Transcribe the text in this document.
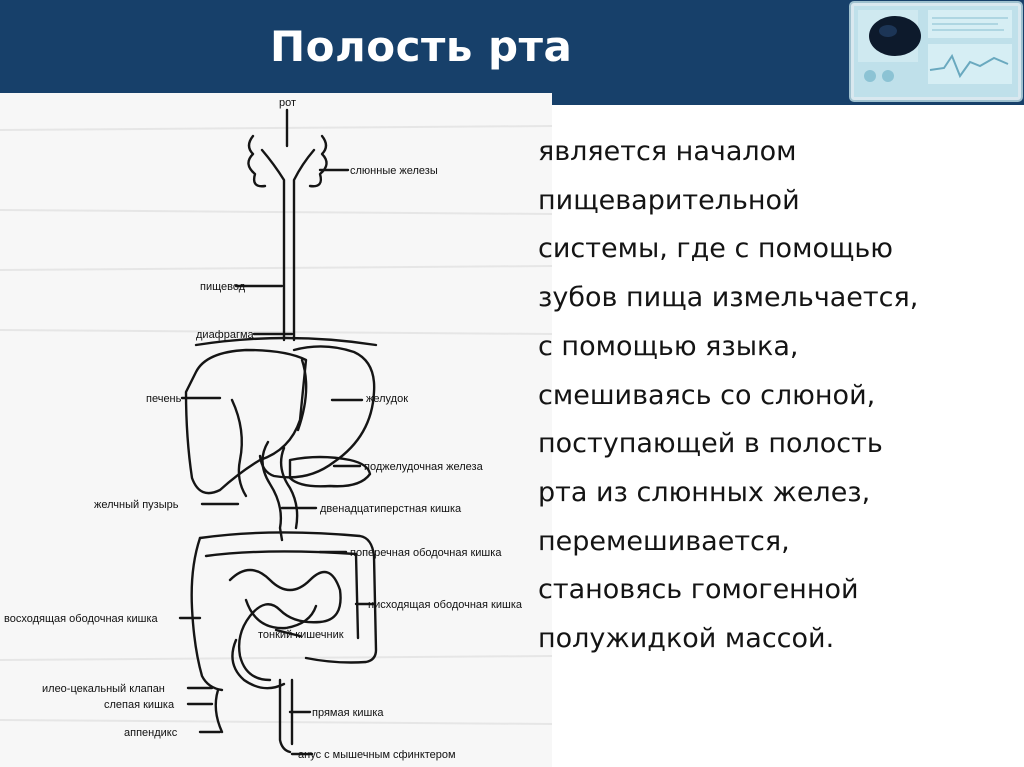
Полость рта
рот
слюнные железы
пищевод
диафрагма
печень	желудок
поджелудочная железа
желчный пузырь	двенадцатиперстная кишка
поперечная ободочная кишка
нисходящая ободочная кишка
восходящая ободочная кишка
тонкий кишечник
илео-цекальный клапан
слепая кишка
прямая кишка
аппендикс
анус с мышечным сфинктером
является началом
пищеварительной
системы, где с помощью
зубов пища измельчается,
с помощью языка,
смешиваясь со слюной,
поступающей в полость
рта из слюнных желез,
перемешивается,
становясь гомогенной
полужидкой массой.
